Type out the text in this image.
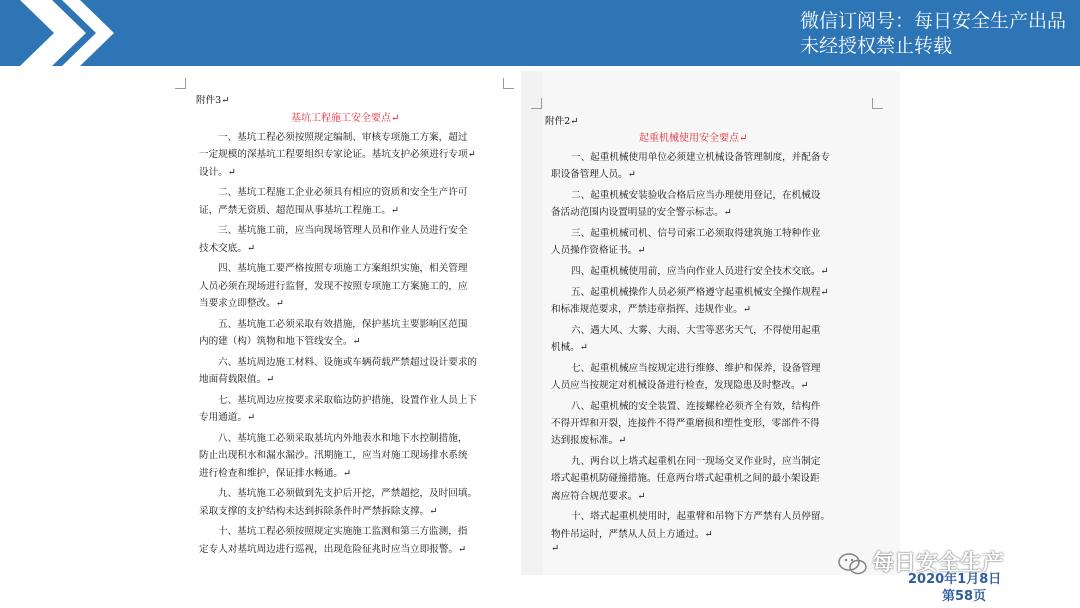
微信订阅号：每日安全生产出品
未经授权禁止转载
附件3↵
基坑工程施工安全要点↵
一、基坑工程必须按照规定编制、审核专项施工方案，超过
一定规模的深基坑工程要组织专家论证。基坑支护必须进行专项↵
设计。↵
二、基坑工程施工企业必须具有相应的资质和安全生产许可
证，严禁无资质、超范围从事基坑工程施工。↵
三、基坑施工前，应当向现场管理人员和作业人员进行安全
技术交底。↵
四、基坑施工要严格按照专项施工方案组织实施，相关管理
人员必须在现场进行监督，发现不按照专项施工方案施工的，应
当要求立即整改。↵
五、基坑施工必须采取有效措施，保护基坑主要影响区范围
内的建（构）筑物和地下管线安全。↵
六、基坑周边施工材料、设施或车辆荷载严禁超过设计要求的
地面荷载限值。↵
七、基坑周边应按要求采取临边防护措施，设置作业人员上下
专用通道。↵
八、基坑施工必须采取基坑内外地表水和地下水控制措施，
防止出现积水和漏水漏沙。汛期施工，应当对施工现场排水系统
进行检查和维护，保证排水畅通。↵
九、基坑施工必须做到先支护后开挖，严禁超挖，及时回填。
采取支撑的支护结构未达到拆除条件时严禁拆除支撑。↵
十、基坑工程必须按照规定实施施工监测和第三方监测，指
定专人对基坑周边进行巡视，出现危险征兆时应当立即报警。↵
附件2↵
起重机械使用安全要点↵
一、起重机械使用单位必须建立机械设备管理制度，并配备专
职设备管理人员。↵
二、起重机械安装验收合格后应当办理使用登记，在机械设
备活动范围内设置明显的安全警示标志。↵
三、起重机械司机、信号司索工必须取得建筑施工特种作业
人员操作资格证书。↵
四、起重机械使用前，应当向作业人员进行安全技术交底。↵
五、起重机械操作人员必须严格遵守起重机械安全操作规程↵
和标准规范要求，严禁违章指挥、违规作业。↵
六、遇大风、大雾、大雨、大雪等恶劣天气，不得使用起重
机械。↵
七、起重机械应当按规定进行维修、维护和保养，设备管理
人员应当按规定对机械设备进行检查，发现隐患及时整改。↵
八、起重机械的安全装置、连接螺栓必须齐全有效，结构件
不得开焊和开裂，连接件不得严重磨损和塑性变形，零部件不得
达到报废标准。↵
九、两台以上塔式起重机在同一现场交叉作业时，应当制定
塔式起重机防碰撞措施。任意两台塔式起重机之间的最小架设距
离应符合规范要求。↵
十、塔式起重机使用时，起重臂和吊物下方严禁有人员停留。
物件吊运时，严禁从人员上方通过。↵
↵
每日安全生产
2020年1月8日
第58页
